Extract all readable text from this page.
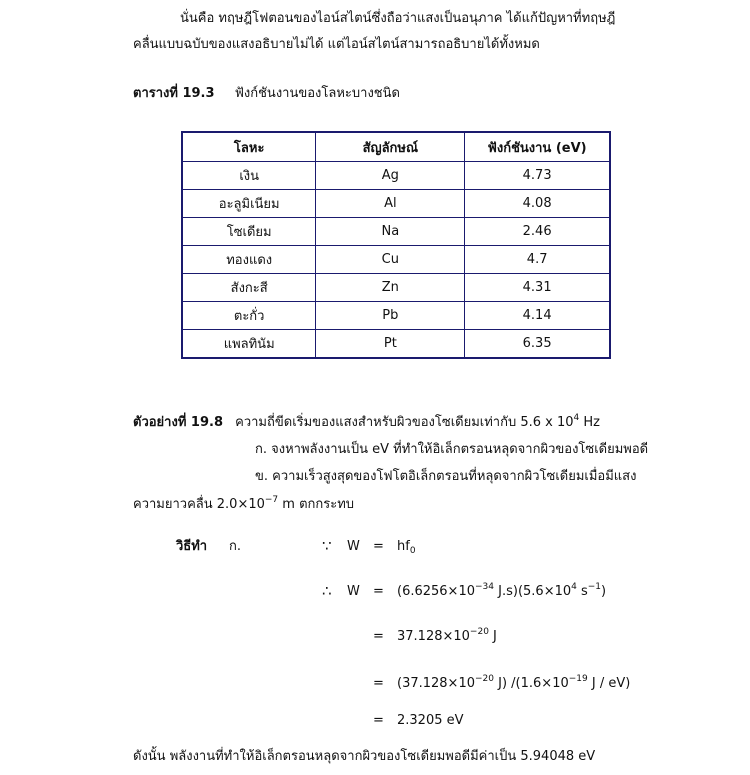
นั่นคือ ทฤษฎีโฟตอนของไอน์สไตน์ซึ่งถือว่าแสงเป็นอนุภาค ได้แก้ปัญหาที่ทฤษฎี
คลื่นแบบฉบับของแสงอธิบายไม่ได้ แต่ไอน์สไตน์สามารถอธิบายได้ทั้งหมด
ตารางที่ 19.3 ฟังก์ชันงานของโลหะบางชนิด
โลหะ	สัญลักษณ์	ฟังก์ชันงาน (eV)
เงิน	Ag	4.73
อะลูมิเนียม	Al	4.08
โซเดียม	Na	2.46
ทองแดง	Cu	4.7
สังกะสี	Zn	4.31
ตะกั่ว	Pb	4.14
แพลทินัม	Pt	6.35
ตัวอย่างที่ 19.8 ความถี่ขีดเริ่มของแสงสำหรับผิวของโซเดียมเท่ากับ 5.6 x $10^4$ Hz
ก. จงหาพลังงานเป็น eV ที่ทำให้อิเล็กตรอนหลุดจากผิวของโซเดียมพอดี
ข. ความเร็วสูงสุดของโฟโตอิเล็กตรอนที่หลุดจากผิวโซเดียมเมื่อมีแสง
ความยาวคลื่น $2.0\times 10^{-7}$ m ตกกระทบ
วิธีทำ ก.	∵ $W = hf_0$
∴ $W = (6.6256\times 10^{-34}$ $J.s)(5.6\times 10^4$ $s^{-1}$)
= $37.128\times 10^{-20}$ J
= ($37.128\times 10^{-20}$ J) $/(1.6\times 10^{-19}$ J / eV)
= 2.3205 eV
ดังนั้น พลังงานที่ทำให้อิเล็กตรอนหลุดจากผิวของโซเดียมพอดีมีค่าเป็น 5.94048 eV
